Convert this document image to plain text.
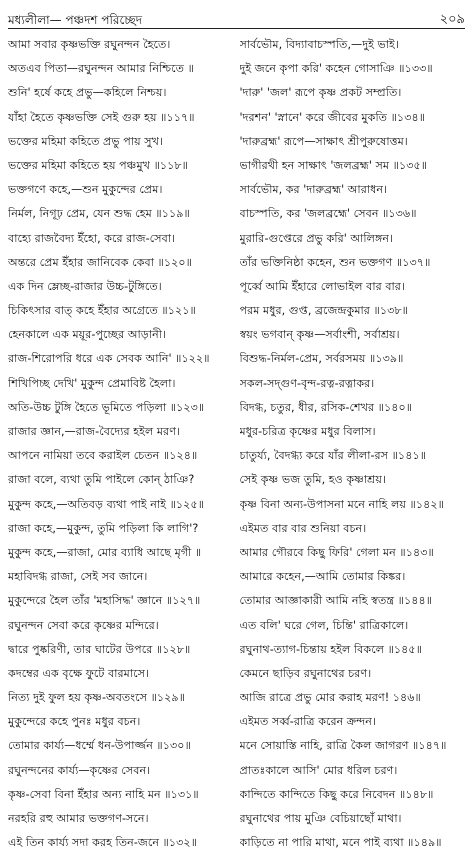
মধ্যলীলা— পঞ্চদশ পরিচ্ছেদ	২০৯
আমা সবার কৃষ্ণভক্তি রঘুনন্দন হৈতে।
অতএব পিতা—রঘুনন্দন আমার নিশ্চিতে ॥
শুনি' হর্ষে কহে প্রভু—কহিলে নিশ্চয়।
যাঁহা হৈতে কৃষ্ণভক্তি সেই গুরু হয় ॥১১৭॥
ভক্তের মহিমা কহিতে প্রভু পায় সুখ।
ভক্তের মহিমা কহিতে হয় পঞ্চমুখ ॥১১৮॥
ভক্তগণে কহে,—শুন মুকুন্দের প্রেম।
নির্মল, নিগূঢ় প্রেম, যেন শুদ্ধ হেম ॥১১৯॥
বাহ্যে রাজবৈদ্য ইঁহো, করে রাজ-সেবা।
অন্তরে প্রেম ইঁহার জানিবেক কেবা ॥১২০॥
এক দিন ম্লেচ্ছ-রাজার উচ্চ-টুঙ্গিতে।
চিকিৎসার বাত্‌ কহে ইঁহার অগ্রেতে ॥১২১॥
হেনকালে এক ময়ূর-পুচ্ছের আড়ানী।
রাজ-শিরোপরি ধরে এক সেবক আনি' ॥১২২॥
শিখিপিচ্ছ দেখি' মুকুন্দ প্রেমাবিষ্ট হৈলা।
অতি-উচ্চ টুঙ্গি হৈতে ভূমিতে পড়িলা ॥১২৩॥
রাজার জ্ঞান,—রাজ-বৈদ্যের হইল মরণ।
আপনে নামিয়া তবে করাইল চেতন ॥১২৪॥
রাজা বলে, ব্যথা তুমি পাইলে কোন্‌ ঠাঞি?
মুকুন্দ কহে,—অতিবড় ব্যথা পাই নাই ॥১২৫॥
রাজা কহে,—মুকুন্দ, তুমি পড়িলা কি লাগি'?
মুকুন্দ কহে,—রাজা, মোর ব্যাধি আছে মৃগী ॥
মহাবিদগ্ধ রাজা, সেই সব জানে।
মুকুন্দেরে হৈল তাঁর 'মহাসিদ্ধ' জ্ঞানে ॥১২৭॥
রঘুনন্দন সেবা করে কৃষ্ণের মন্দিরে।
দ্বারে পুষ্করিণী, তার ঘাটের উপরে ॥১২৮॥
কদম্বের এক বৃক্ষে ফুটে বারমাসে।
নিত্য দুই ফুল হয় কৃষ্ণ-অবতংসে ॥১২৯॥
মুকুন্দেরে কহে পুনঃ মধুর বচন।
তোমার কার্য্য—ধর্ম্মে ধন-উপার্জ্জন ॥১৩০॥
রঘুনন্দনের কার্য্য—কৃষ্ণের সেবন।
কৃষ্ণ-সেবা বিনা ইঁহার অন্য নাহি মন ॥১৩১॥
নরহরি রহু আমার ভক্তগণ-সনে।
এই তিন কার্য্য সদা করহ তিন-জনে ॥১৩২॥
সার্বভৌম, বিদ্যাবাচস্পতি,—দুই ভাই।
দুই জনে কৃপা করি' কহেন গোসাঞি ॥১৩৩॥
'দারু' 'জল' রূপে কৃষ্ণ প্রকট সম্প্রতি।
'দরশন' 'স্নানে' করে জীবের মুকতি ॥১৩৪॥
'দারুব্রহ্ম' রূপে—সাক্ষাৎ শ্রীপুরুষোত্তম।
ভাগীরথী হন সাক্ষাৎ 'জলব্রহ্ম' সম ॥১৩৫॥
সার্বভৌম, কর 'দারুব্রহ্ম' আরাধন।
বাচস্পতি, কর 'জলব্রহ্মে' সেবন ॥১৩৬॥
মুরারি-গুপ্তেরে প্রভু করি' আলিঙ্গন।
তাঁর ভক্তিনিষ্ঠা কহেন, শুন ভক্তগণ ॥১৩৭॥
পূর্ব্বে আমি ইঁহারে লোভাইল বার বার।
পরম মধুর, গুপ্ত, ব্রজেন্দ্রকুমার ॥১৩৮॥
স্বয়ং ভগবান্‌ কৃষ্ণ—সর্বাংশী, সর্বাশ্রয়।
বিশুদ্ধ-নির্মল-প্রেম, সর্বরসময় ॥১৩৯॥
সকল-সদ্‌গুণ-বৃন্দ-রত্ন-রত্নাকর।
বিদগ্ধ, চতুর, ধীর, রসিক-শেখর ॥১৪০॥
মধুর-চরিত্র কৃষ্ণের মধুর বিলাস।
চাতুর্য্য, বৈদগ্ধ্য করে যাঁর লীলা-রস ॥১৪১॥
সেই কৃষ্ণ ভজ তুমি, হও কৃষ্ণাশ্রয়।
কৃষ্ণ বিনা অন্য-উপাসনা মনে নাহি লয় ॥১৪২॥
এইমত বার বার শুনিয়া বচন।
আমার গৌরবে কিছু ফিরি' গেলা মন ॥১৪৩॥
আমারে কহেন,—আমি তোমার কিঙ্কর।
তোমার আজ্ঞাকারী আমি নহি স্বতন্ত্র ॥১৪৪॥
এত বলি' ঘরে গেল, চিন্তি' রাত্রিকালে।
রঘুনাথ-ত্যাগ-চিন্তায় হইল বিকলে ॥১৪৫॥
কেমনে ছাড়িব রঘুনাথের চরণ।
আজি রাত্রে প্রভু মোর করাহ মরণ! ১৪৬॥
এইমত সর্ব্ব-রাত্রি করেন ক্রন্দন।
মনে সোয়াস্তি নাহি, রাত্রি কৈল জাগরণ ॥১৪৭॥
প্রাতঃকালে আসি' মোর ধরিল চরণ।
কান্দিতে কান্দিতে কিছু করে নিবেদন ॥১৪৮॥
রঘুনাথের পায় মুঞি বেচিয়াছোঁ মাথা।
কাড়িতে না পারি মাথা, মনে পাই ব্যথা ॥১৪৯॥
